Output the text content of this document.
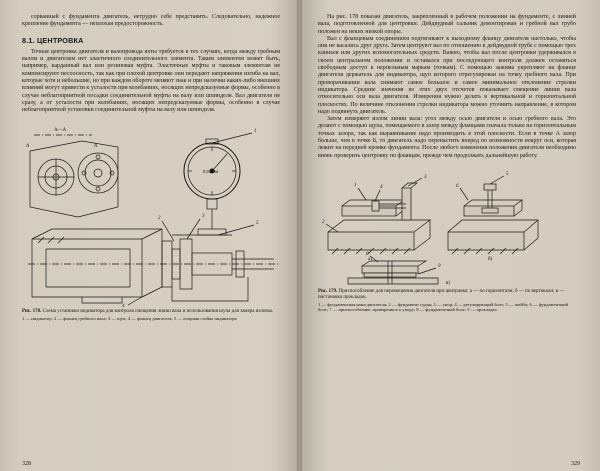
сорванный с фундамента двигатель, нетрудно себе представить. Следовательно, надежное крепление фундамента — неплохая предосторожность.

8.1. ЦЕНТРОВКА

Точная центровка двигателя и валопровода яхты требуется в тех случаях, когда между гребным валом и двигателем нет эластичного соединительного элемента. Таким элементом может быть, например, карданный вал или резиновая муфта. Эластичные муфты и таковым элементам не компенсируют несоосность, так как при плохой центровке они передают напряжения изгиба на вал, которые хотя и небольшие, но при каждом обороте меняют знак и при наличии каких-либо внешних влияний могут привести к усталости при колебаниях, носящих непредсказуемые формы, особенно в случае неблагоприятной посадки соединительной муфты на валу или шпинделя. Вал двигателя не сразу, а от усталости при колебаниях, носящих непредсказуемые формы, особенно в случае неблагоприятной установки соединительной муфты на валу или шпинделя.

А—А	1
2	3
4
5
А	А
0,01 мм
Рис. 178. Схема установки индикатора для контроля смещения линии вала и использования шупа для замера изломы.
1 — индикатор; 2 — фланец гребного вала; 3 — щуп; 4 — фланец двигателя; 5 — опорная стойка индикатора

На рис. 178 показан двигатель, закрепленный в рабочем положении на фундаменте, с линией вала, подготовленной для центровки. Дейдвудный сальник демонтирован и гребной вал грубо положен на неких низкой опоры.

Вал с фланцевым соединением подтягивают к выходному фланцу двигателя настолько, чтобы они не касались друг друга. Затем центруют вал по отношению к дейдвудной трубе с помощью трех клиньев или других вспомогательных средств. Важно, чтобы вал после центровки удерживался в своем центральном положении и оставался при последующего контроля должен оставаться свободным доступ к нерпельным маркам (точкам). С помощью зажима укрепляют на фланце двигателя держатель для индикатора, щуп которого отрегулирован на точку гребного вала. При проворачивании вала снимают самое большое и самое минимальное отклонение стрелки индикатора. Средние значения из этих двух отсчетов показывает смещение линии вала относительно оси вала двигателя. Измерения нужно делать в вертикальной и горизонтальной плоскостях. По величине отклонения стрелки индикатора можно уточнить направление, в котором надо подвинуть двигатель.

Затем измеряют излом линии вала: угол между осью двигателя и осью гребного вала. Это делают с помощью щупа, помещаемого в зазор между фланцами сначала только на горизонтальным точках зазора, так как выравнивание надо производить в этой плоскости. Если в точке А зазор больше, чем в точке Б, то двигатель надо перенастить вперед по возможности вокруг оси, которая лежит на передней кромке фундамента. После любого изменения положения двигателя необходимо вновь проверить центровку по фланцам, прежде чем продолжать дальнейшую работу.

а)	б)
в)
1
2
3
4
5
6
8
9
Рис. 179. Приспособление для перемещения двигателя при центровке: а — по горизонтали; б — по вертикали; в — постановка прокладок.
1 — фундаментная рама двигателя; 2 — фундамент судна; 3 — упор; 4 — регулирующий болт; 5 — шайба; 6 — фундаментный болт; 7 — приспособление, приваренное к упору; 8 — фундаментный болт; 9 — прокладка
328	329
